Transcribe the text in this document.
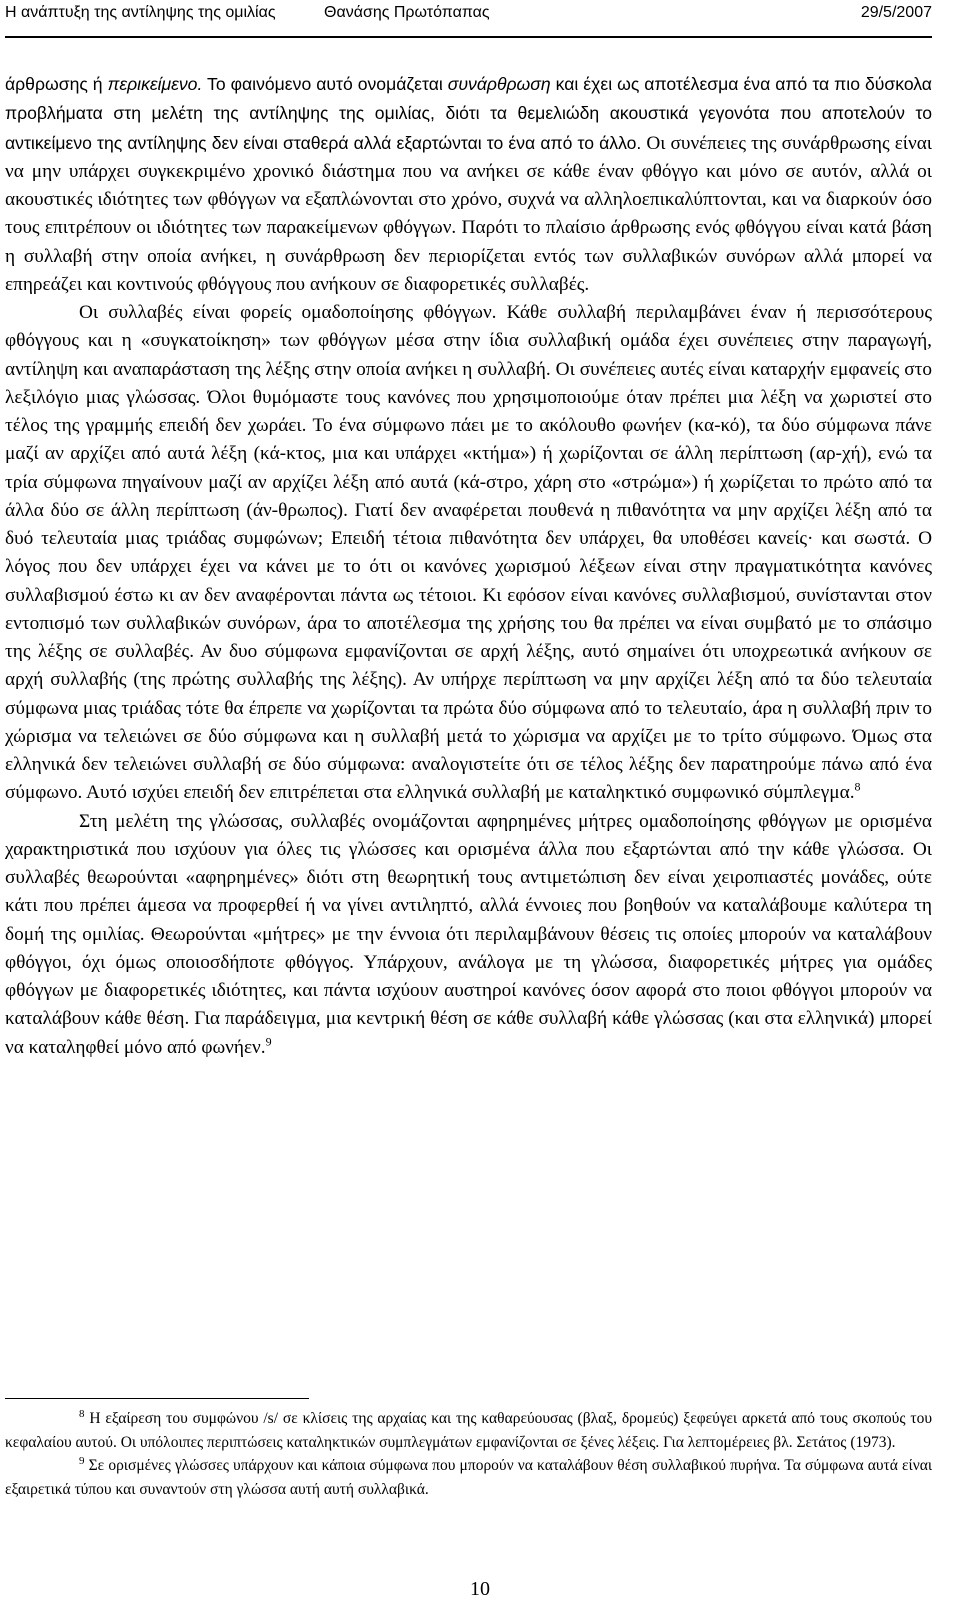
Η ανάπτυξη της αντίληψης της ομιλίας	Θανάσης Πρωτόπαπας	29/5/2007

άρθρωσης ή περικείμενο. Το φαινόμενο αυτό ονομάζεται συνάρθρωση και έχει ως αποτέλεσμα ένα από τα πιο δύσκολα προβλήματα στη μελέτη της αντίληψης της ομιλίας, διότι τα θεμελιώδη ακουστικά γεγονότα που αποτελούν το αντικείμενο της αντίληψης δεν είναι σταθερά αλλά εξαρτώνται το ένα από το άλλο. Οι συνέπειες της συνάρθρωσης είναι να μην υπάρχει συγκεκριμένο χρονικό διάστημα που να ανήκει σε κάθε έναν φθόγγο και μόνο σε αυτόν, αλλά οι ακουστικές ιδιότητες των φθόγγων να εξαπλώνονται στο χρόνο, συχνά να αλληλοεπικαλύπτονται, και να διαρκούν όσο τους επιτρέπουν οι ιδιότητες των παρακείμενων φθόγγων. Παρότι το πλαίσιο άρθρωσης ενός φθόγγου είναι κατά βάση η συλλαβή στην οποία ανήκει, η συνάρθρωση δεν περιορίζεται εντός των συλλαβικών συνόρων αλλά μπορεί να επηρεάζει και κοντινούς φθόγγους που ανήκουν σε διαφορετικές συλλαβές.

Οι συλλαβές είναι φορείς ομαδοποίησης φθόγγων. Κάθε συλλαβή περιλαμβάνει έναν ή περισσότερους φθόγγους και η «συγκατοίκηση» των φθόγγων μέσα στην ίδια συλλαβική ομάδα έχει συνέπειες στην παραγωγή, αντίληψη και αναπαράσταση της λέξης στην οποία ανήκει η συλλαβή. Οι συνέπειες αυτές είναι καταρχήν εμφανείς στο λεξιλόγιο μιας γλώσσας. Όλοι θυμόμαστε τους κανόνες που χρησιμοποιούμε όταν πρέπει μια λέξη να χωριστεί στο τέλος της γραμμής επειδή δεν χωράει. Το ένα σύμφωνο πάει με το ακόλουθο φωνήεν (κα-κό), τα δύο σύμφωνα πάνε μαζί αν αρχίζει από αυτά λέξη (κά-κτος, μια και υπάρχει «κτήμα») ή χωρίζονται σε άλλη περίπτωση (αρ-χή), ενώ τα τρία σύμφωνα πηγαίνουν μαζί αν αρχίζει λέξη από αυτά (κά-στρο, χάρη στο «στρώμα») ή χωρίζεται το πρώτο από τα άλλα δύο σε άλλη περίπτωση (άν-θρωπος). Γιατί δεν αναφέρεται πουθενά η πιθανότητα να μην αρχίζει λέξη από τα δυό τελευταία μιας τριάδας συμφώνων; Επειδή τέτοια πιθανότητα δεν υπάρχει, θα υποθέσει κανείς· και σωστά. Ο λόγος που δεν υπάρχει έχει να κάνει με το ότι οι κανόνες χωρισμού λέξεων είναι στην πραγματικότητα κανόνες συλλαβισμού έστω κι αν δεν αναφέρονται πάντα ως τέτοιοι. Κι εφόσον είναι κανόνες συλλαβισμού, συνίστανται στον εντοπισμό των συλλαβικών συνόρων, άρα το αποτέλεσμα της χρήσης του θα πρέπει να είναι συμβατό με το σπάσιμο της λέξης σε συλλαβές. Αν δυο σύμφωνα εμφανίζονται σε αρχή λέξης, αυτό σημαίνει ότι υποχρεωτικά ανήκουν σε αρχή συλλαβής (της πρώτης συλλαβής της λέξης). Αν υπήρχε περίπτωση να μην αρχίζει λέξη από τα δύο τελευταία σύμφωνα μιας τριάδας τότε θα έπρεπε να χωρίζονται τα πρώτα δύο σύμφωνα από το τελευταίο, άρα η συλλαβή πριν το χώρισμα να τελειώνει σε δύο σύμφωνα και η συλλαβή μετά το χώρισμα να αρχίζει με το τρίτο σύμφωνο. Όμως στα ελληνικά δεν τελειώνει συλλαβή σε δύο σύμφωνα: αναλογιστείτε ότι σε τέλος λέξης δεν παρατηρούμε πάνω από ένα σύμφωνο. Αυτό ισχύει επειδή δεν επιτρέπεται στα ελληνικά συλλαβή με καταληκτικό συμφωνικό σύμπλεγμα.$^8$

Στη μελέτη της γλώσσας, συλλαβές ονομάζονται αφηρημένες μήτρες ομαδοποίησης φθόγγων με ορισμένα χαρακτηριστικά που ισχύουν για όλες τις γλώσσες και ορισμένα άλλα που εξαρτώνται από την κάθε γλώσσα. Οι συλλαβές θεωρούνται «αφηρημένες» διότι στη θεωρητική τους αντιμετώπιση δεν είναι χειροπιαστές μονάδες, ούτε κάτι που πρέπει άμεσα να προφερθεί ή να γίνει αντιληπτό, αλλά έννοιες που βοηθούν να καταλάβουμε καλύτερα τη δομή της ομιλίας. Θεωρούνται «μήτρες» με την έννοια ότι περιλαμβάνουν θέσεις τις οποίες μπορούν να καταλάβουν φθόγγοι, όχι όμως οποιοσδήποτε φθόγγος. Υπάρχουν, ανάλογα με τη γλώσσα, διαφορετικές μήτρες για ομάδες φθόγγων με διαφορετικές ιδιότητες, και πάντα ισχύουν αυστηροί κανόνες όσον αφορά στο ποιοι φθόγγοι μπορούν να καταλάβουν κάθε θέση. Για παράδειγμα, μια κεντρική θέση σε κάθε συλλαβή κάθε γλώσσας (και στα ελληνικά) μπορεί να καταληφθεί μόνο από φωνήεν.$^9$

$^8$ Η εξαίρεση του συμφώνου /s/ σε κλίσεις της αρχαίας και της καθαρεύουσας (βλαξ, δρομεύς) ξεφεύγει αρκετά από τους σκοπούς του κεφαλαίου αυτού. Οι υπόλοιπες περιπτώσεις καταληκτικών συμπλεγμάτων εμφανίζονται σε ξένες λέξεις. Για λεπτομέρειες βλ. Σετάτος (1973).

$^9$ Σε ορισμένες γλώσσες υπάρχουν και κάποια σύμφωνα που μπορούν να καταλάβουν θέση συλλαβικού πυρήνα. Τα σύμφωνα αυτά είναι εξαιρετικά τύπου και συναντούν στη γλώσσα αυτή αυτή συλλαβικά.

10
